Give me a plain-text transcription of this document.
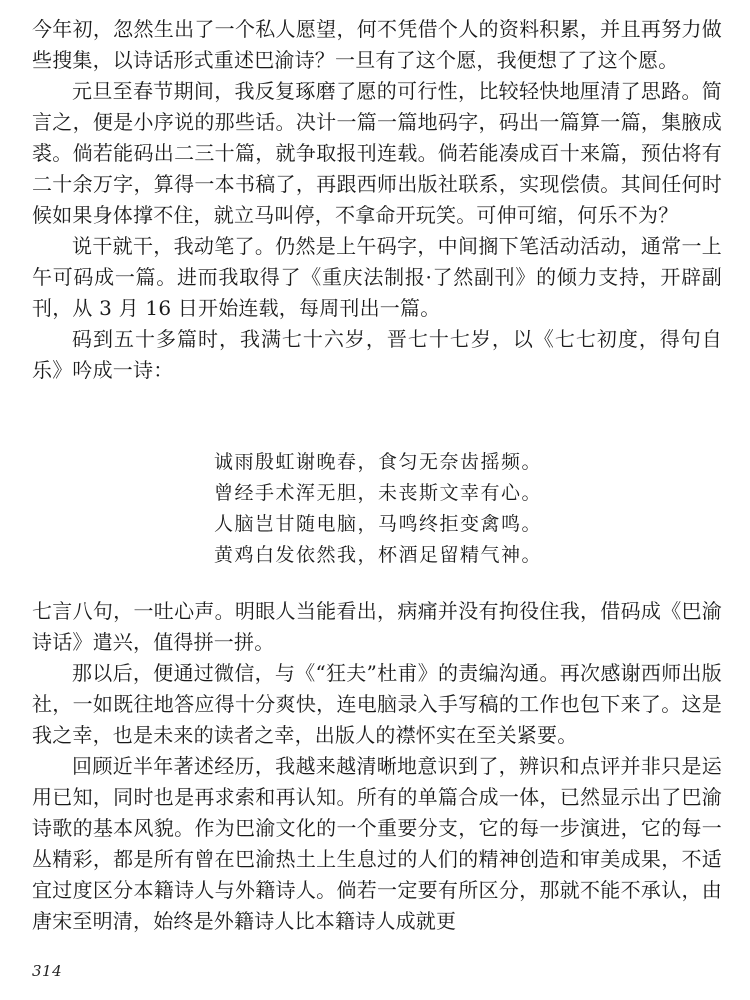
今年初，忽然生出了一个私人愿望，何不凭借个人的资料积累，并且再努力做些搜集，以诗话形式重述巴渝诗？一旦有了这个愿，我便想了了这个愿。

元旦至春节期间，我反复琢磨了愿的可行性，比较轻快地厘清了思路。简言之，便是小序说的那些话。决计一篇一篇地码字，码出一篇算一篇，集腋成裘。倘若能码出二三十篇，就争取报刊连载。倘若能凑成百十来篇，预估将有二十余万字，算得一本书稿了，再跟西师出版社联系，实现偿债。其间任何时候如果身体撑不住，就立马叫停，不拿命开玩笑。可伸可缩，何乐不为？

说干就干，我动笔了。仍然是上午码字，中间搁下笔活动活动，通常一上午可码成一篇。进而我取得了《重庆法制报·了然副刊》的倾力支持，开辟副刊，从 3 月 16 日开始连载，每周刊出一篇。

码到五十多篇时，我满七十六岁，晋七十七岁，以《七七初度，得句自乐》吟成一诗：

诚雨殷虹谢晚春，食匀无奈齿摇频。
曾经手术浑无胆，未丧斯文幸有心。
人脑岂甘随电脑，马鸣终拒变禽鸣。
黄鸡白发依然我，杯酒足留精气神。

七言八句，一吐心声。明眼人当能看出，病痛并没有拘役住我，借码成《巴渝诗话》遣兴，值得拼一拼。

那以后，便通过微信，与《“狂夫”杜甫》的责编沟通。再次感谢西师出版社，一如既往地答应得十分爽快，连电脑录入手写稿的工作也包下来了。这是我之幸，也是未来的读者之幸，出版人的襟怀实在至关紧要。

回顾近半年著述经历，我越来越清晰地意识到了，辨识和点评并非只是运用已知，同时也是再求索和再认知。所有的单篇合成一体，已然显示出了巴渝诗歌的基本风貌。作为巴渝文化的一个重要分支，它的每一步演进，它的每一丛精彩，都是所有曾在巴渝热土上生息过的人们的精神创造和审美成果，不适宜过度区分本籍诗人与外籍诗人。倘若一定要有所区分，那就不能不承认，由唐宋至明清，始终是外籍诗人比本籍诗人成就更

314
